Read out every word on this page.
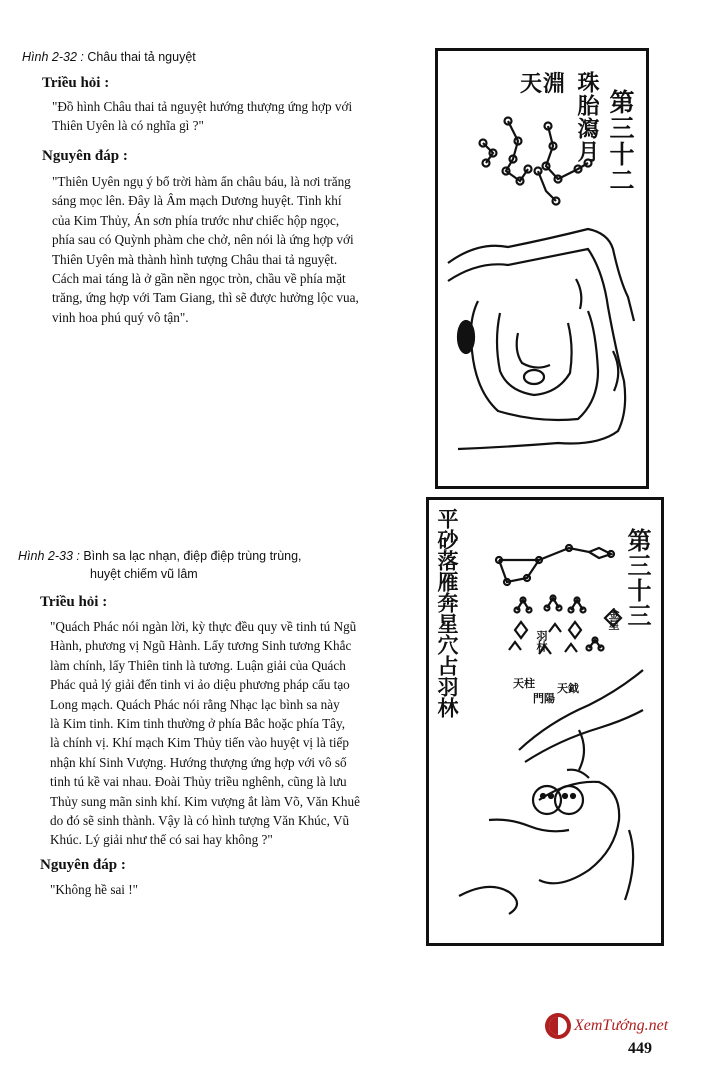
Hình 2-32 : Châu thai tả nguyệt
Triều hỏi :
"Đồ hình Châu thai tả nguyệt hướng thượng ứng hợp với
Thiên Uyên là có nghĩa gì ?"
Nguyên đáp :
"Thiên Uyên ngụ ý bổ trời hàm ẩn châu báu, là nơi trăng
sáng mọc lên. Đây là Âm mạch Dương huyệt. Tinh khí
của Kim Thủy, Án sơn phía trước như chiếc hộp ngọc,
phía sau có Quỳnh phàm che chở, nên nói là ứng hợp với
Thiên Uyên mà thành hình tượng Châu thai tả nguyệt.
Cách mai táng là ở gần nền ngọc tròn, chầu về phía mặt
trăng, ứng hợp với Tam Giang, thì sẽ được hưởng lộc vua,
vinh hoa phú quý vô tận".
第三十二
珠胎瀉月
天淵
Hình 2-33 : Bình sa lạc nhạn, điệp điệp trùng trùng,
huyệt chiếm vũ lâm
Triều hỏi :
"Quách Phác nói ngàn lời, kỳ thực đều quy về tinh tú Ngũ
Hành, phương vị Ngũ Hành. Lấy tương Sinh tương Khắc
làm chính, lấy Thiên tinh là tương. Luận giải của Quách
Phác quả lý giải đến tinh vi ảo diệu phương pháp cấu tạo
Long mạch. Quách Phác nói rằng Nhạc lạc bình sa này
là Kim tinh. Kim tinh thường ở phía Bắc hoặc phía Tây,
là chính vị. Khí mạch Kim Thủy tiến vào huyệt vị là tiếp
nhận khí Sinh Vượng. Hướng thượng ứng hợp với vô số
tinh tú kề vai nhau. Đoài Thủy triều nghênh, cũng là lưu
Thủy sung mãn sinh khí. Kim vượng ắt làm Võ, Văn Khuê
do đó sẽ sinh thành. Vậy là có hình tượng Văn Khúc, Vũ
Khúc. Lý giải như thế có sai hay không ?"
Nguyên đáp :
"Không hề sai !"
第三十三
平砂落雁奔星穴占羽林	羽林
天柱
門陽
天鉞
金星
XemTướng.net
449
